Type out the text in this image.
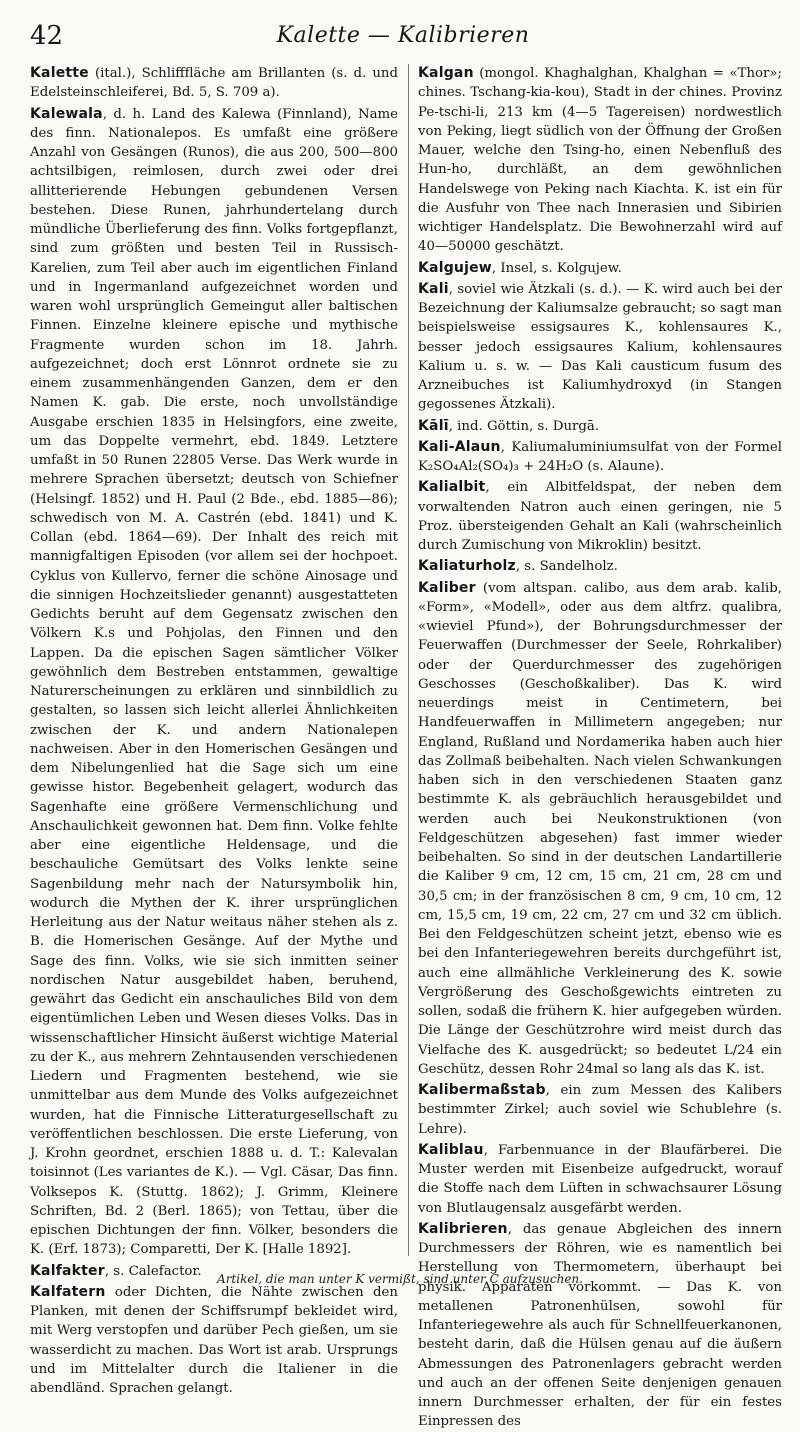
42	Kalette — Kalibrieren

Kalette (ital.), Schlifffläche am Brillanten (s. d. und Edelsteinschleiferei, Bd. 5, S. 709 a).

Kalewala, d. h. Land des Kalewa (Finnland), Name des finn. Nationalepos. Es umfaßt eine größere Anzahl von Gesängen (Runos), die aus 200, 500—800 achtsilbigen, reimlosen, durch zwei oder drei allitterierende Hebungen gebundenen Versen bestehen. Diese Runen, jahrhundertelang durch mündliche Überlieferung des finn. Volks fortgepflanzt, sind zum größten und besten Teil in Russisch-Karelien, zum Teil aber auch im eigentlichen Finland und in Ingermanland aufgezeichnet worden und waren wohl ursprünglich Gemeingut aller baltischen Finnen. Einzelne kleinere epische und mythische Fragmente wurden schon im 18. Jahrh. aufgezeichnet; doch erst Lönnrot ordnete sie zu einem zusammenhängenden Ganzen, dem er den Namen K. gab. Die erste, noch unvollständige Ausgabe erschien 1835 in Helsingfors, eine zweite, um das Doppelte vermehrt, ebd. 1849. Letztere umfaßt in 50 Runen 22805 Verse. Das Werk wurde in mehrere Sprachen übersetzt; deutsch von Schiefner (Helsingf. 1852) und H. Paul (2 Bde., ebd. 1885—86); schwedisch von M. A. Castrén (ebd. 1841) und K. Collan (ebd. 1864—69). Der Inhalt des reich mit mannigfaltigen Episoden (vor allem sei der hochpoet. Cyklus von Kullervo, ferner die schöne Ainosage und die sinnigen Hochzeitslieder genannt) ausgestatteten Gedichts beruht auf dem Gegensatz zwischen den Völkern K.s und Pohjolas, den Finnen und den Lappen. Da die epischen Sagen sämtlicher Völker gewöhnlich dem Bestreben entstammen, gewaltige Naturerscheinungen zu erklären und sinnbildlich zu gestalten, so lassen sich leicht allerlei Ähnlichkeiten zwischen der K. und andern Nationalepen nachweisen. Aber in den Homerischen Gesängen und dem Nibelungenlied hat die Sage sich um eine gewisse histor. Begebenheit gelagert, wodurch das Sagenhafte eine größere Vermenschlichung und Anschaulichkeit gewonnen hat. Dem finn. Volke fehlte aber eine eigentliche Heldensage, und die beschauliche Gemütsart des Volks lenkte seine Sagenbildung mehr nach der Natursymbolik hin, wodurch die Mythen der K. ihrer ursprünglichen Herleitung aus der Natur weitaus näher stehen als z. B. die Homerischen Gesänge. Auf der Mythe und Sage des finn. Volks, wie sie sich inmitten seiner nordischen Natur ausgebildet haben, beruhend, gewährt das Gedicht ein anschauliches Bild von dem eigentümlichen Leben und Wesen dieses Volks. Das in wissenschaftlicher Hinsicht äußerst wichtige Material zu der K., aus mehrern Zehntausenden verschiedenen Liedern und Fragmenten bestehend, wie sie unmittelbar aus dem Munde des Volks aufgezeichnet wurden, hat die Finnische Litteraturgesellschaft zu veröffentlichen beschlossen. Die erste Lieferung, von J. Krohn geordnet, erschien 1888 u. d. T.: Kalevalan toisinnot (Les variantes de K.). — Vgl. Cäsar, Das finn. Volksepos K. (Stuttg. 1862); J. Grimm, Kleinere Schriften, Bd. 2 (Berl. 1865); von Tettau, über die epischen Dichtungen der finn. Völker, besonders die K. (Erf. 1873); Comparetti, Der K. [Halle 1892].

Kalfakter, s. Calefactor.

Kalfatern oder Dichten, die Nähte zwischen den Planken, mit denen der Schiffsrumpf bekleidet wird, mit Werg verstopfen und darüber Pech gießen, um sie wasserdicht zu machen. Das Wort ist arab. Ursprungs und im Mittelalter durch die Italiener in die abendländ. Sprachen gelangt.

Kalgan (mongol. Khaghalghan, Khalghan = «Thor»; chines. Tschang-kia-kou), Stadt in der chines. Provinz Pe-tschi-li, 213 km (4—5 Tagereisen) nordwestlich von Peking, liegt südlich von der Öffnung der Großen Mauer, welche den Tsing-ho, einen Nebenfluß des Hun-ho, durchläßt, an dem gewöhnlichen Handelswege von Peking nach Kiachta. K. ist ein für die Ausfuhr von Thee nach Innerasien und Sibirien wichtiger Handelsplatz. Die Bewohnerzahl wird auf 40—50000 geschätzt.

Kalgujew, Insel, s. Kolgujew.

Kali, soviel wie Ätzkali (s. d.). — K. wird auch bei der Bezeichnung der Kaliumsalze gebraucht; so sagt man beispielsweise essigsaures K., kohlensaures K., besser jedoch essigsaures Kalium, kohlensaures Kalium u. s. w. — Das Kali causticum fusum des Arzneibuches ist Kaliumhydroxyd (in Stangen gegossenes Ätzkali).

Kālī, ind. Göttin, s. Durgā.

Kali-Alaun, Kaliumaluminiumsulfat von der Formel K₂SO₄Al₂(SO₄)₃ + 24H₂O (s. Alaune).

Kalialbit, ein Albitfeldspat, der neben dem vorwaltenden Natron auch einen geringen, nie 5 Proz. übersteigenden Gehalt an Kali (wahrscheinlich durch Zumischung von Mikroklin) besitzt.

Kaliaturholz, s. Sandelholz.

Kaliber (vom altspan. calibo, aus dem arab. kalib, «Form», «Modell», oder aus dem altfrz. qualibra, «wieviel Pfund»), der Bohrungsdurchmesser der Feuerwaffen (Durchmesser der Seele, Rohrkaliber) oder der Querdurchmesser des zugehörigen Geschosses (Geschoßkaliber). Das K. wird neuerdings meist in Centimetern, bei Handfeuerwaffen in Millimetern angegeben; nur England, Rußland und Nordamerika haben auch hier das Zollmaß beibehalten. Nach vielen Schwankungen haben sich in den verschiedenen Staaten ganz bestimmte K. als gebräuchlich herausgebildet und werden auch bei Neukonstruktionen (von Feldgeschützen abgesehen) fast immer wieder beibehalten. So sind in der deutschen Landartillerie die Kaliber 9 cm, 12 cm, 15 cm, 21 cm, 28 cm und 30,5 cm; in der französischen 8 cm, 9 cm, 10 cm, 12 cm, 15,5 cm, 19 cm, 22 cm, 27 cm und 32 cm üblich. Bei den Feldgeschützen scheint jetzt, ebenso wie es bei den Infanteriegewehren bereits durchgeführt ist, auch eine allmähliche Verkleinerung des K. sowie Vergrößerung des Geschoßgewichts eintreten zu sollen, sodaß die frühern K. hier aufgegeben würden. Die Länge der Geschützrohre wird meist durch das Vielfache des K. ausgedrückt; so bedeutet L/24 ein Geschütz, dessen Rohr 24mal so lang als das K. ist.

Kalibermaßstab, ein zum Messen des Kalibers bestimmter Zirkel; auch soviel wie Schublehre (s. Lehre).

Kaliblau, Farbennuance in der Blaufärberei. Die Muster werden mit Eisenbeize aufgedruckt, worauf die Stoffe nach dem Lüften in schwachsaurer Lösung von Blutlaugensalz ausgefärbt werden.

Kalibrieren, das genaue Abgleichen des innern Durchmessers der Röhren, wie es namentlich bei Herstellung von Thermometern, überhaupt bei physik. Apparaten vorkommt. — Das K. von metallenen Patronenhülsen, sowohl für Infanteriegewehre als auch für Schnellfeuerkanonen, besteht darin, daß die Hülsen genau auf die äußern Abmessungen des Patronenlagers gebracht werden und auch an der offenen Seite denjenigen genauen innern Durchmesser erhalten, der für ein festes Einpressen des

Artikel, die man unter K vermißt, sind unter C aufzusuchen.
